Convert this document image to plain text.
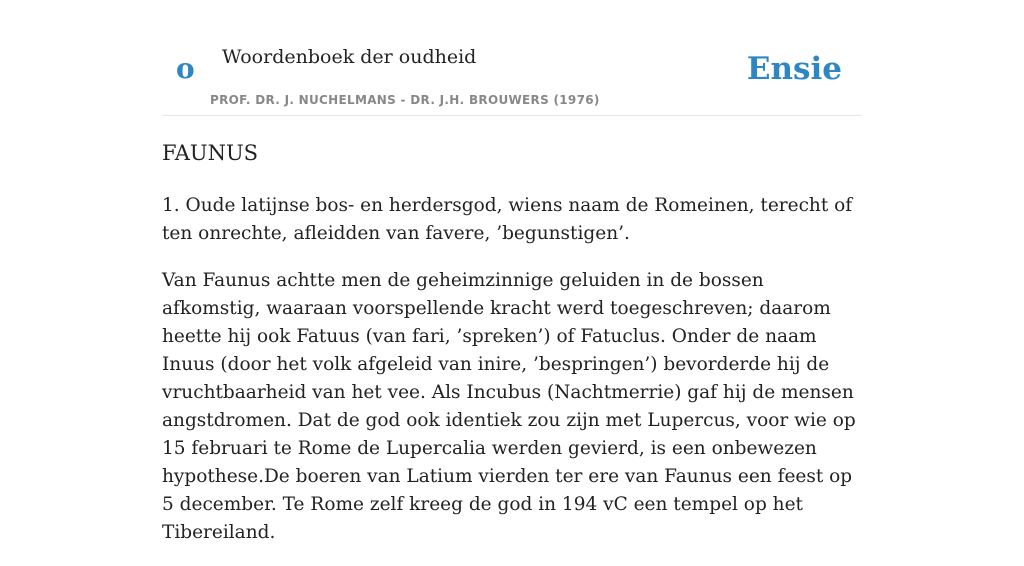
o Woordenboek der oudheid
PROF. DR. J. NUCHELMANS - DR. J.H. BROUWERS (1976)
Ensie
FAUNUS

1. Oude latijnse bos- en herdersgod, wiens naam de Romeinen, terecht of ten onrechte, afleidden van favere, ’begunstigen’.

Van Faunus achtte men de geheimzinnige geluiden in de bossen afkomstig, waaraan voorspellende kracht werd toegeschreven; daarom heette hij ook Fatuus (van fari, ’spreken’) of Fatuclus. Onder de naam Inuus (door het volk afgeleid van inire, ’bespringen’) bevorderde hij de vruchtbaarheid van het vee. Als Incubus (Nachtmerrie) gaf hij de mensen angstdromen. Dat de god ook identiek zou zijn met Lupercus, voor wie op 15 februari te Rome de Lupercalia werden gevierd, is een onbewezen hypothese.De boeren van Latium vierden ter ere van Faunus een feest op 5 december. Te Rome zelf kreeg de god in 194 vC een tempel op het Tibereiland.
